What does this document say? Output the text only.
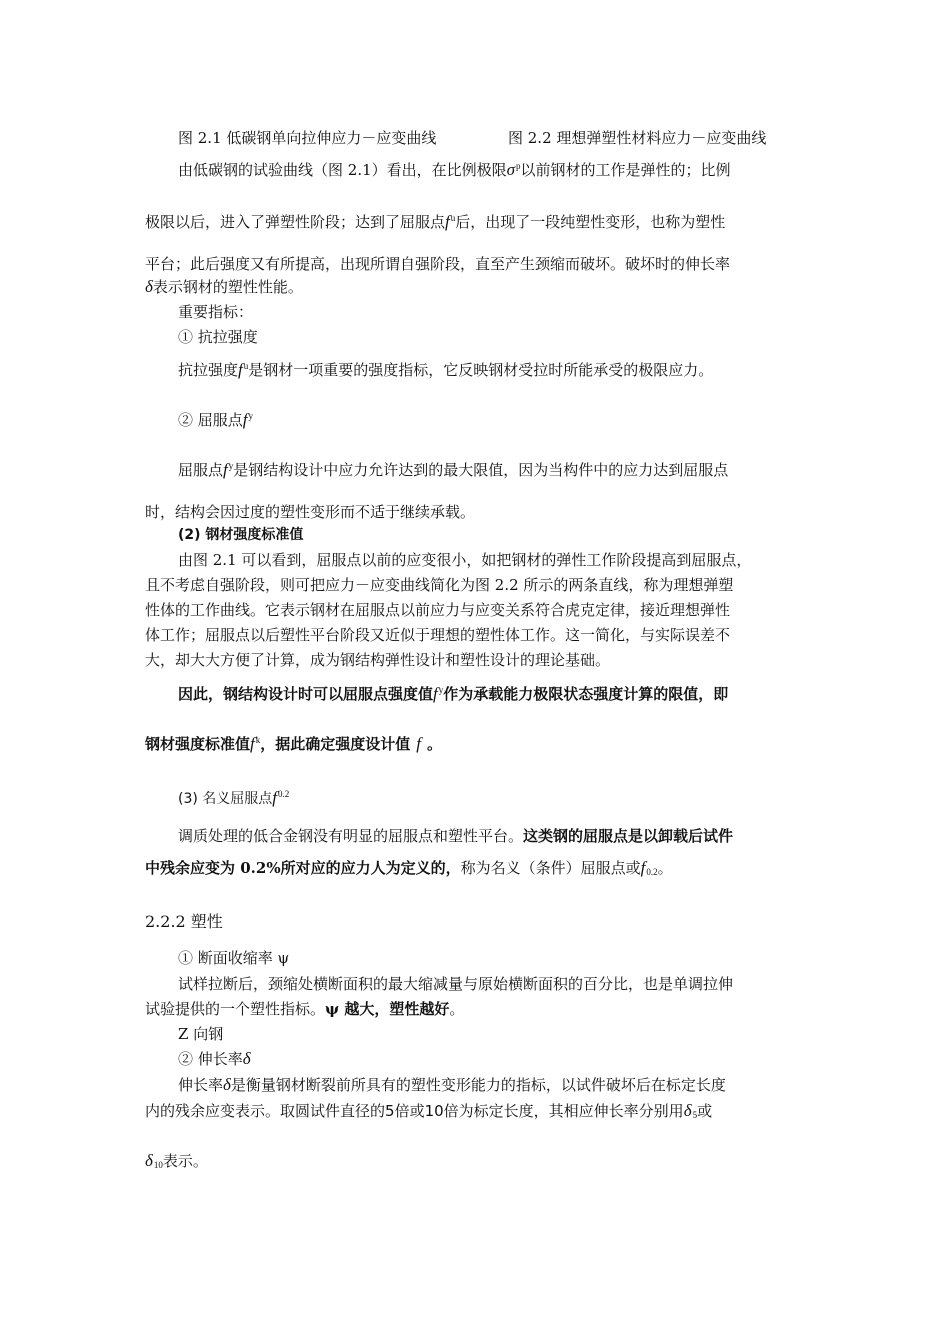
图 2.1 低碳钢单向拉伸应力－应变曲线	图 2.2 理想弹塑性材料应力－应变曲线
由低碳钢的试验曲线（图 2.1）看出，在比例极限$\sigma^p$以前钢材的工作是弹性的；比例
极限以后，进入了弹塑性阶段；达到了屈服点$f^u$后，出现了一段纯塑性变形，也称为塑性
平台；此后强度又有所提高，出现所谓自强阶段，直至产生颈缩而破坏。破坏时的伸长率
δ表示钢材的塑性性能。
重要指标：
① 抗拉强度
抗拉强度$f^u$是钢材一项重要的强度指标，它反映钢材受拉时所能承受的极限应力。
② 屈服点$f^y$
屈服点$f^y$是钢结构设计中应力允许达到的最大限值，因为当构件中的应力达到屈服点
时，结构会因过度的塑性变形而不适于继续承载。
(2) 钢材强度标准值
由图 2.1 可以看到，屈服点以前的应变很小，如把钢材的弹性工作阶段提高到屈服点，
且不考虑自强阶段，则可把应力－应变曲线简化为图 2.2 所示的两条直线，称为理想弹塑
性体的工作曲线。它表示钢材在屈服点以前应力与应变关系符合虎克定律，接近理想弹性
体工作；屈服点以后塑性平台阶段又近似于理想的塑性体工作。这一简化，与实际误差不
大，却大大方便了计算，成为钢结构弹性设计和塑性设计的理论基础。
因此，钢结构设计时可以屈服点强度值$f^y$作为承载能力极限状态强度计算的限值，即
钢材强度标准值$f^k$，据此确定强度设计值 f 。
(3) 名义屈服点$f^{0.2}$
调质处理的低合金钢没有明显的屈服点和塑性平台。这类钢的屈服点是以卸载后试件
中残余应变为 0.2%所对应的应力人为定义的，称为名义（条件）屈服点或f0.2。
2.2.2 塑性
① 断面收缩率 ψ
试样拉断后，颈缩处横断面积的最大缩减量与原始横断面积的百分比，也是单调拉伸
试验提供的一个塑性指标。ψ 越大，塑性越好。
Z 向钢
② 伸长率δ
伸长率δ是衡量钢材断裂前所具有的塑性变形能力的指标，以试件破坏后在标定长度
内的残余应变表示。取圆试件直径的5倍或10倍为标定长度，其相应伸长率分别用δ5或
δ10表示。
